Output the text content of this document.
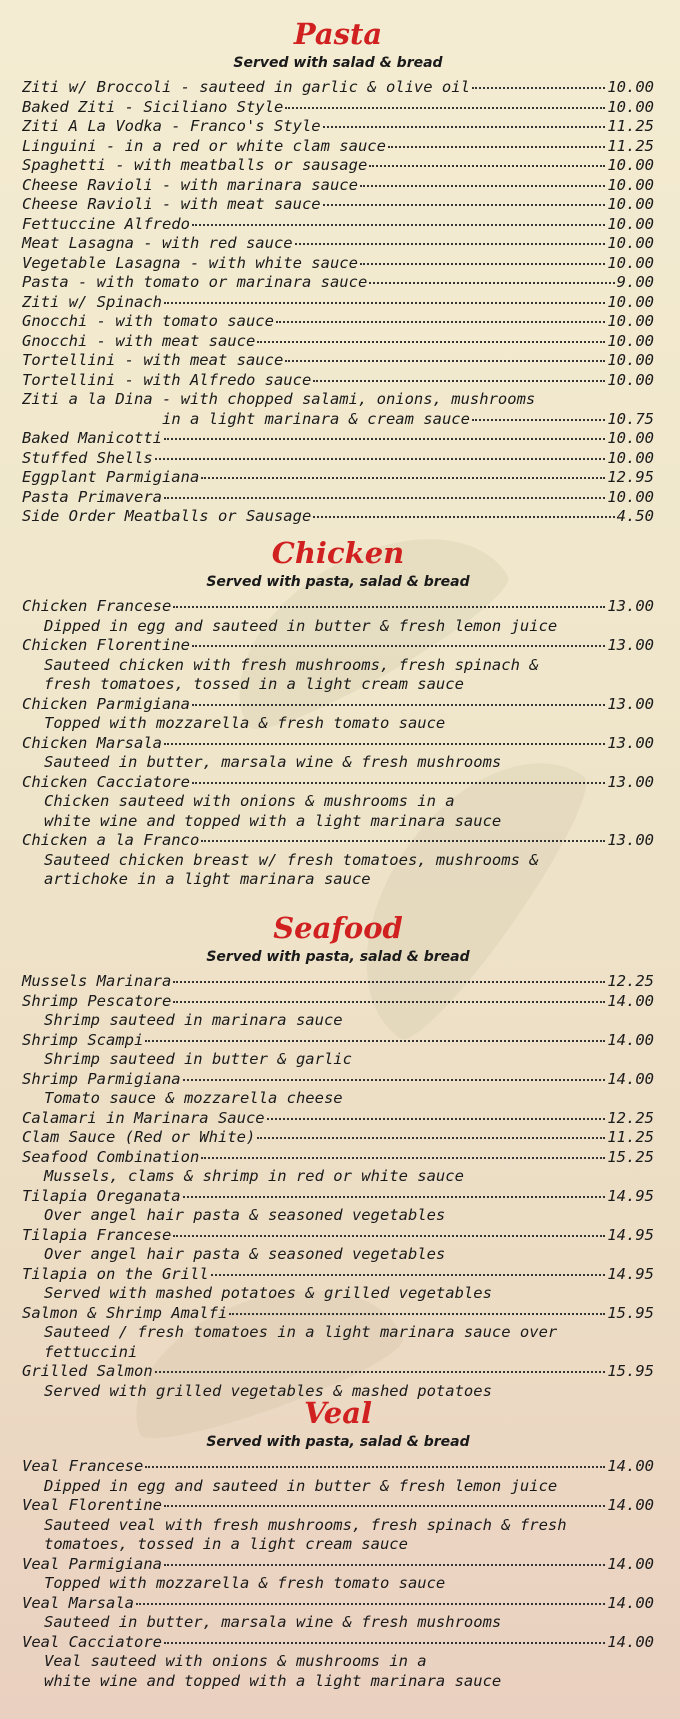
Pasta
Served with salad & bread
Ziti w/ Broccoli - sauteed in garlic & olive oil	10.00
Baked Ziti - Siciliano Style	10.00
Ziti A La Vodka - Franco's Style	11.25
Linguini - in a red or white clam sauce	11.25
Spaghetti - with meatballs or sausage	10.00
Cheese Ravioli - with marinara sauce	10.00
Cheese Ravioli - with meat sauce	10.00
Fettuccine Alfredo	10.00
Meat Lasagna - with red sauce	10.00
Vegetable Lasagna - with white sauce	10.00
Pasta - with tomato or marinara sauce	9.00
Ziti w/ Spinach	10.00
Gnocchi - with tomato sauce	10.00
Gnocchi - with meat sauce	10.00
Tortellini - with meat sauce	10.00
Tortellini - with Alfredo sauce	10.00
Ziti a la Dina - with chopped salami, onions, mushrooms
in a light marinara & cream sauce	10.75
Baked Manicotti	10.00
Stuffed Shells	10.00
Eggplant Parmigiana	12.95
Pasta Primavera	10.00
Side Order Meatballs or Sausage	4.50
Chicken
Served with pasta, salad & bread
Chicken Francese	13.00
Dipped in egg and sauteed in butter & fresh lemon juice
Chicken Florentine	13.00
Sauteed chicken with fresh mushrooms, fresh spinach &
fresh tomatoes, tossed in a light cream sauce
Chicken Parmigiana	13.00
Topped with mozzarella & fresh tomato sauce
Chicken Marsala	13.00
Sauteed in butter, marsala wine & fresh mushrooms
Chicken Cacciatore	13.00
Chicken sauteed with onions & mushrooms in a
white wine and topped with a light marinara sauce
Chicken a la Franco	13.00
Sauteed chicken breast w/ fresh tomatoes, mushrooms &
artichoke in a light marinara sauce
Seafood
Served with pasta, salad & bread
Mussels Marinara	12.25
Shrimp Pescatore	14.00
Shrimp sauteed in marinara sauce
Shrimp Scampi	14.00
Shrimp sauteed in butter & garlic
Shrimp Parmigiana	14.00
Tomato sauce & mozzarella cheese
Calamari in Marinara Sauce	12.25
Clam Sauce (Red or White)	11.25
Seafood Combination	15.25
Mussels, clams & shrimp in red or white sauce
Tilapia Oreganata	14.95
Over angel hair pasta & seasoned vegetables
Tilapia Francese	14.95
Over angel hair pasta & seasoned vegetables
Tilapia on the Grill	14.95
Served with mashed potatoes & grilled vegetables
Salmon & Shrimp Amalfi	15.95
Sauteed / fresh tomatoes in a light marinara sauce over fettuccini
Grilled Salmon	15.95
Served with grilled vegetables & mashed potatoes
Veal
Served with pasta, salad & bread
Veal Francese	14.00
Dipped in egg and sauteed in butter & fresh lemon juice
Veal Florentine	14.00
Sauteed veal with fresh mushrooms, fresh spinach & fresh
tomatoes, tossed in a light cream sauce
Veal Parmigiana	14.00
Topped with mozzarella & fresh tomato sauce
Veal Marsala	14.00
Sauteed in butter, marsala wine & fresh mushrooms
Veal Cacciatore	14.00
Veal sauteed with onions & mushrooms in a
white wine and topped with a light marinara sauce
